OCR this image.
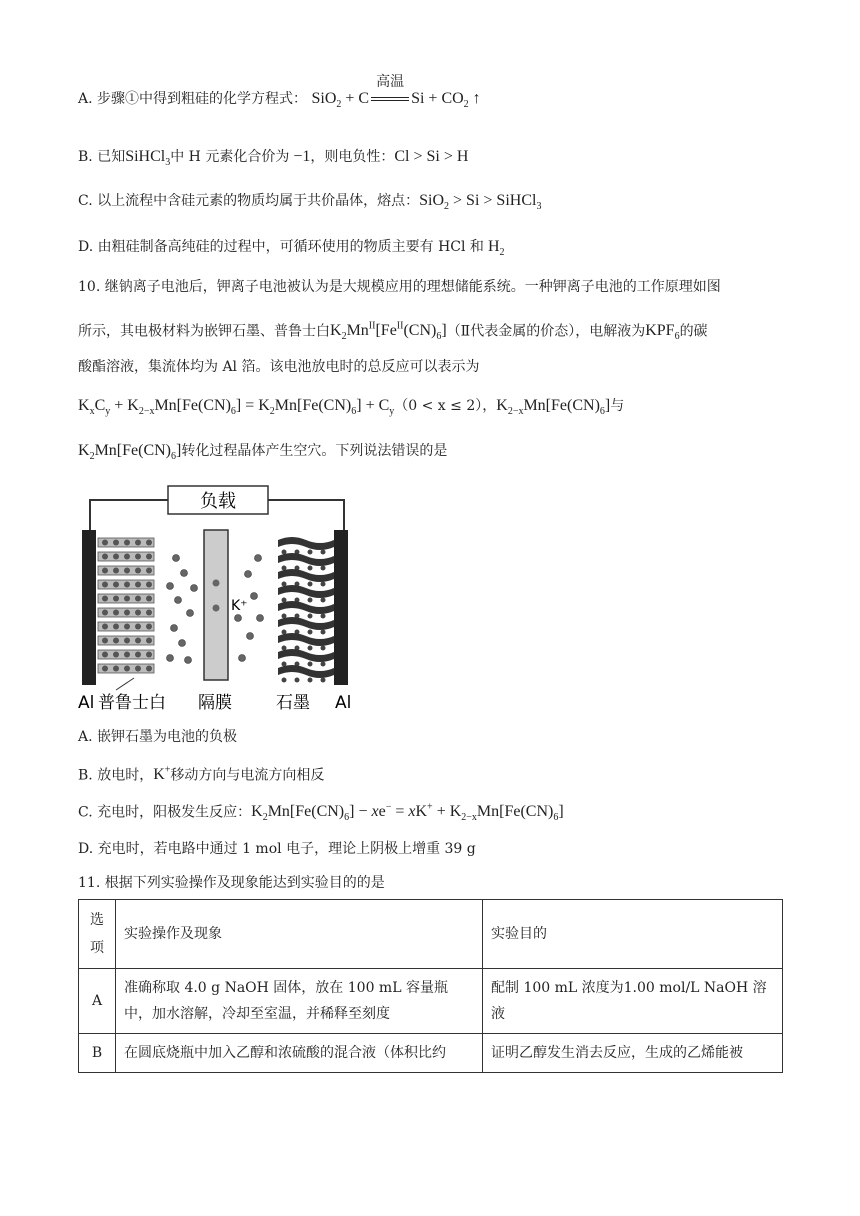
A. 步骤①中得到粗硅的化学方程式： SiO$_2$ + C
高温
$Si + CO_2$ ↑
B. 已知SiHCl$_3$中 H 元素化合价为 −1，则电负性：Cl > Si > H
C. 以上流程中含硅元素的物质均属于共价晶体，熔点：SiO$_2$ > Si > SiHCl$_3$
D. 由粗硅制备高纯硅的过程中，可循环使用的物质主要有 HCl 和 $H_2$
10. 继钠离子电池后，钾离子电池被认为是大规模应用的理想储能系统。一种钾离子电池的工作原理如图
所示，其电极材料为嵌钾石墨、普鲁士白$K_2Mn^{II}[Fe^{II}(CN)_6](Ⅱ$代表金属的价态），电解液为$KPF_6$的碳
酸酯溶液，集流体均为 Al 箔。该电池放电时的总反应可以表示为
$K_xC_y + K_{2-x}Mn[Fe(CN)_6] = K_2Mn[Fe(CN)_6] + C_y(0 < x \le 2)$，$K_{2-x}Mn[Fe(CN)_6]$与
$K_2Mn[Fe(CN)_6]$转化过程晶体产生空穴。下列说法错误的是
负载
K⁺
Al 普鲁士白 隔膜	石墨 Al
A. 嵌钾石墨为电池的负极
B. 放电时，K+移动方向与电流方向相反
C. 充电时，阳极发生反应：$K_2Mn[Fe(CN)_6] - xe^- = xK^+ + K_{2-x}Mn[Fe(CN)_6]$
D. 充电时，若电路中通过 1 mol 电子，理论上阴极上增重 39 g
11. 根据下列实验操作及现象能达到实验目的的是
选项	实验操作及现象	实验目的
A	准确称取 4.0 g NaOH 固体，放在 100 mL 容量瓶中，加水溶解，冷却至室温，并稀释至刻度	配制 100 mL 浓度为1.00 mol/L NaOH 溶液
B	在圆底烧瓶中加入乙醇和浓硫酸的混合液（体积比约	证明乙醇发生消去反应，生成的乙烯能被
